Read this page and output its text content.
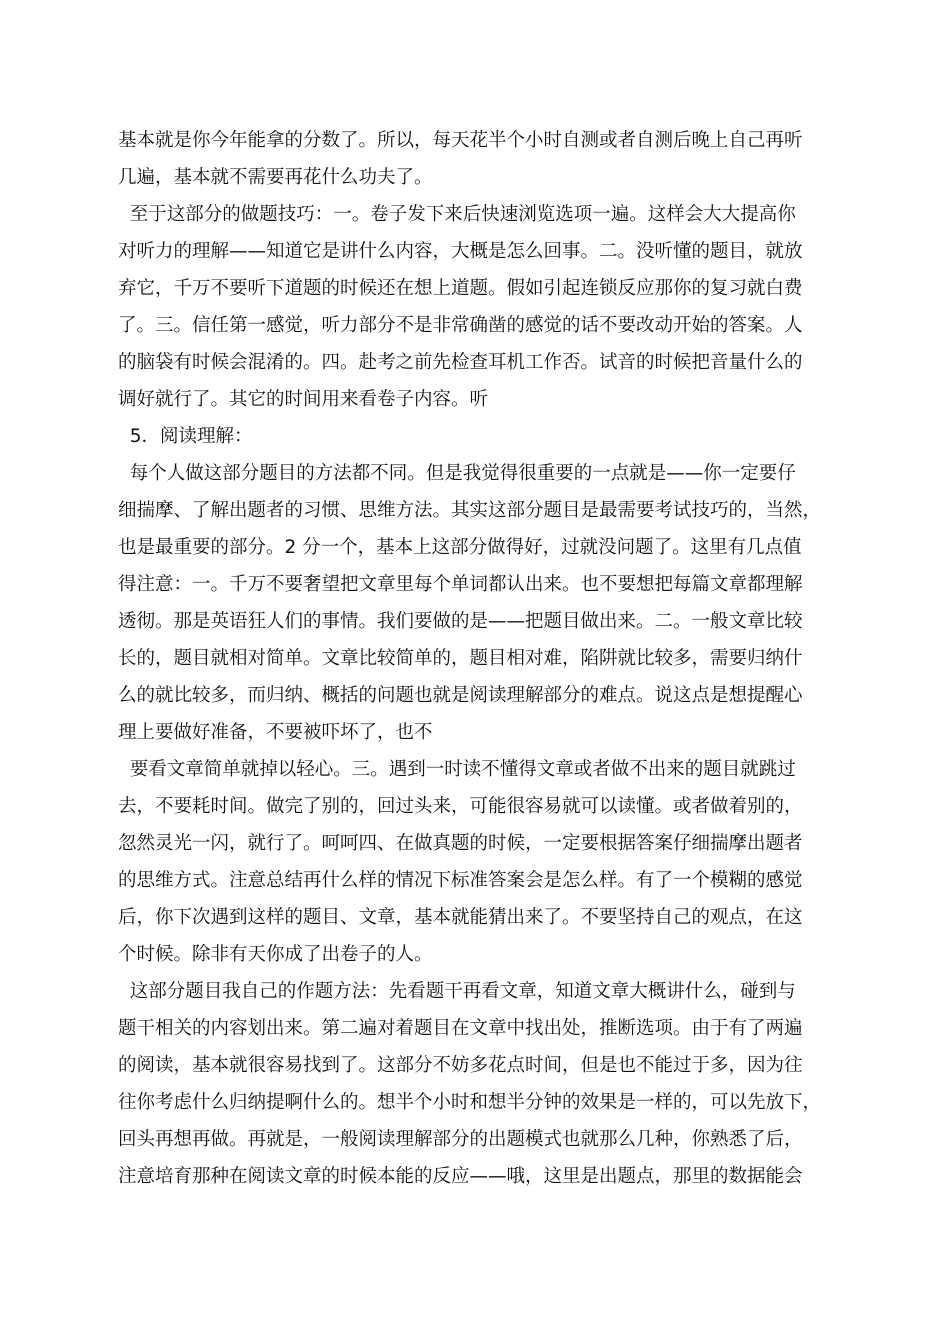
基本就是你今年能拿的分数了。所以，每天花半个小时自测或者自测后晚上自己再听
几遍，基本就不需要再花什么功夫了。
至于这部分的做题技巧：一。卷子发下来后快速浏览选项一遍。这样会大大提高你
对听力的理解——知道它是讲什么内容，大概是怎么回事。二。没听懂的题目，就放
弃它，千万不要听下道题的时候还在想上道题。假如引起连锁反应那你的复习就白费
了。三。信任第一感觉，听力部分不是非常确凿的感觉的话不要改动开始的答案。人
的脑袋有时候会混淆的。四。赴考之前先检查耳机工作否。试音的时候把音量什么的
调好就行了。其它的时间用来看卷子内容。听
5．阅读理解：
每个人做这部分题目的方法都不同。但是我觉得很重要的一点就是——你一定要仔
细揣摩、了解出题者的习惯、思维方法。其实这部分题目是最需要考试技巧的，当然，
也是最重要的部分。2 分一个，基本上这部分做得好，过就没问题了。这里有几点值
得注意：一。千万不要奢望把文章里每个单词都认出来。也不要想把每篇文章都理解
透彻。那是英语狂人们的事情。我们要做的是——把题目做出来。二。一般文章比较
长的，题目就相对简单。文章比较简单的，题目相对难，陷阱就比较多，需要归纳什
么的就比较多，而归纳、概括的问题也就是阅读理解部分的难点。说这点是想提醒心
理上要做好准备，不要被吓坏了，也不
要看文章简单就掉以轻心。三。遇到一时读不懂得文章或者做不出来的题目就跳过
去，不要耗时间。做完了别的，回过头来，可能很容易就可以读懂。或者做着别的，
忽然灵光一闪，就行了。呵呵四、在做真题的时候，一定要根据答案仔细揣摩出题者
的思维方式。注意总结再什么样的情况下标准答案会是怎么样。有了一个模糊的感觉
后，你下次遇到这样的题目、文章，基本就能猜出来了。不要坚持自己的观点，在这
个时候。除非有天你成了出卷子的人。
这部分题目我自己的作题方法：先看题干再看文章，知道文章大概讲什么，碰到与
题干相关的内容划出来。第二遍对着题目在文章中找出处，推断选项。由于有了两遍
的阅读，基本就很容易找到了。这部分不妨多花点时间，但是也不能过于多，因为往
往你考虑什么归纳提啊什么的。想半个小时和想半分钟的效果是一样的，可以先放下，
回头再想再做。再就是，一般阅读理解部分的出题模式也就那么几种，你熟悉了后，
注意培育那种在阅读文章的时候本能的反应——哦，这里是出题点，那里的数据能会
